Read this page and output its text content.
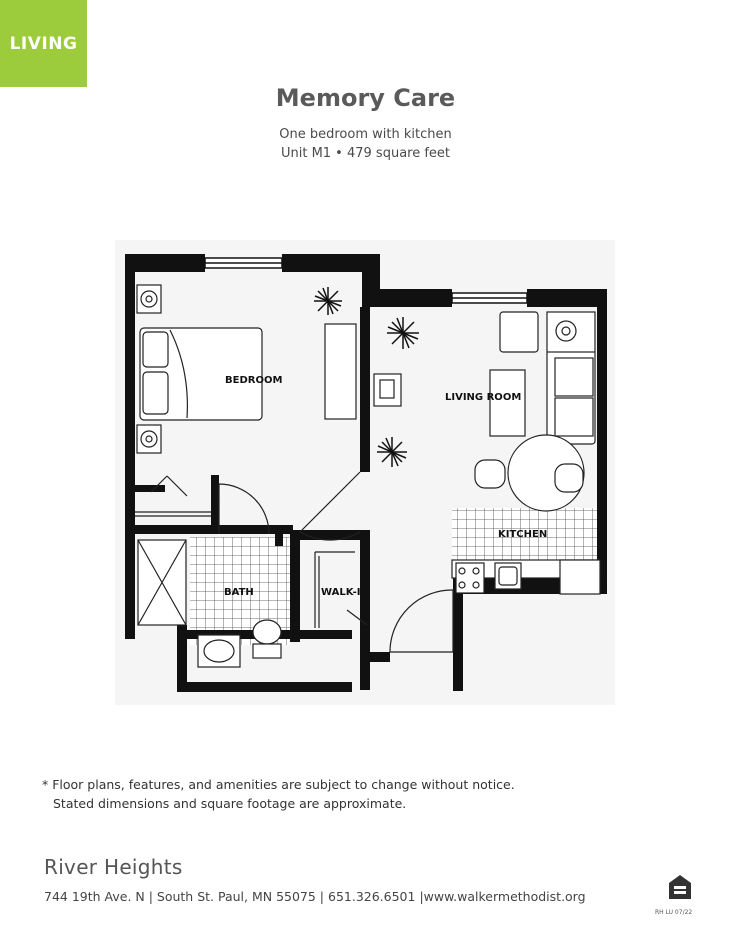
LIVING
Memory Care
One bedroom with kitchen
Unit M1 • 479 square feet
BEDROOM
LIVING ROOM
KITCHEN
BATH	WALK-IN
* Floor plans, features, and amenities are subject to change without notice.
Stated dimensions and square footage are approximate.
River Heights
744 19th Ave. N | South St. Paul, MN 55075 | 651.326.6501 |www.walkermethodist.org
RH LU 07/22
